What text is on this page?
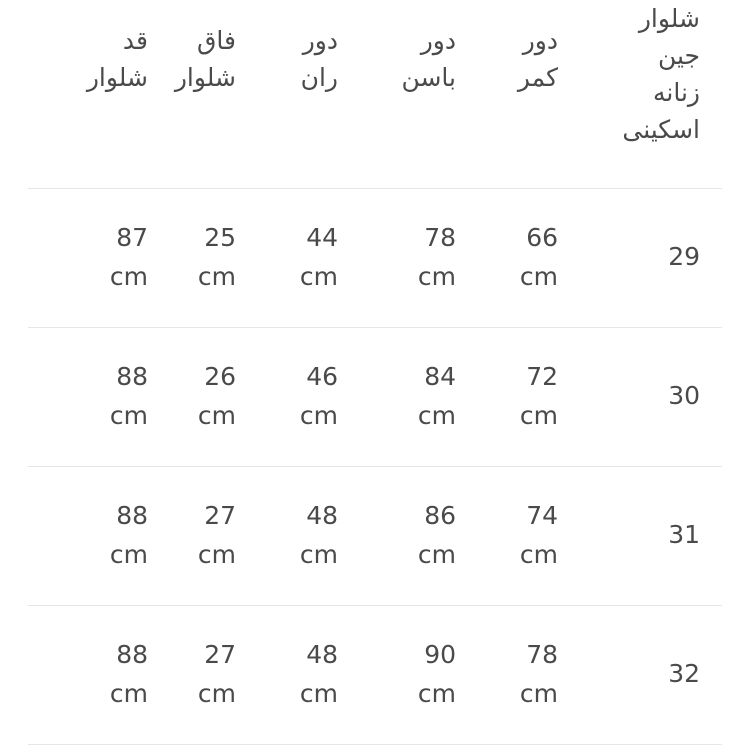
شلوار
جین
زنانه
اسکینی
دور
کمر
دور
باسن
دور
ران
فاق
شلوار
قد
شلوار
29
66
cm
78
cm
44
cm
25
cm
87
cm
30
72
cm
84
cm
46
cm
26
cm
88
cm
31
74
cm
86
cm
48
cm
27
cm
88
cm
32
78
cm
90
cm
48
cm
27
cm
88
cm
